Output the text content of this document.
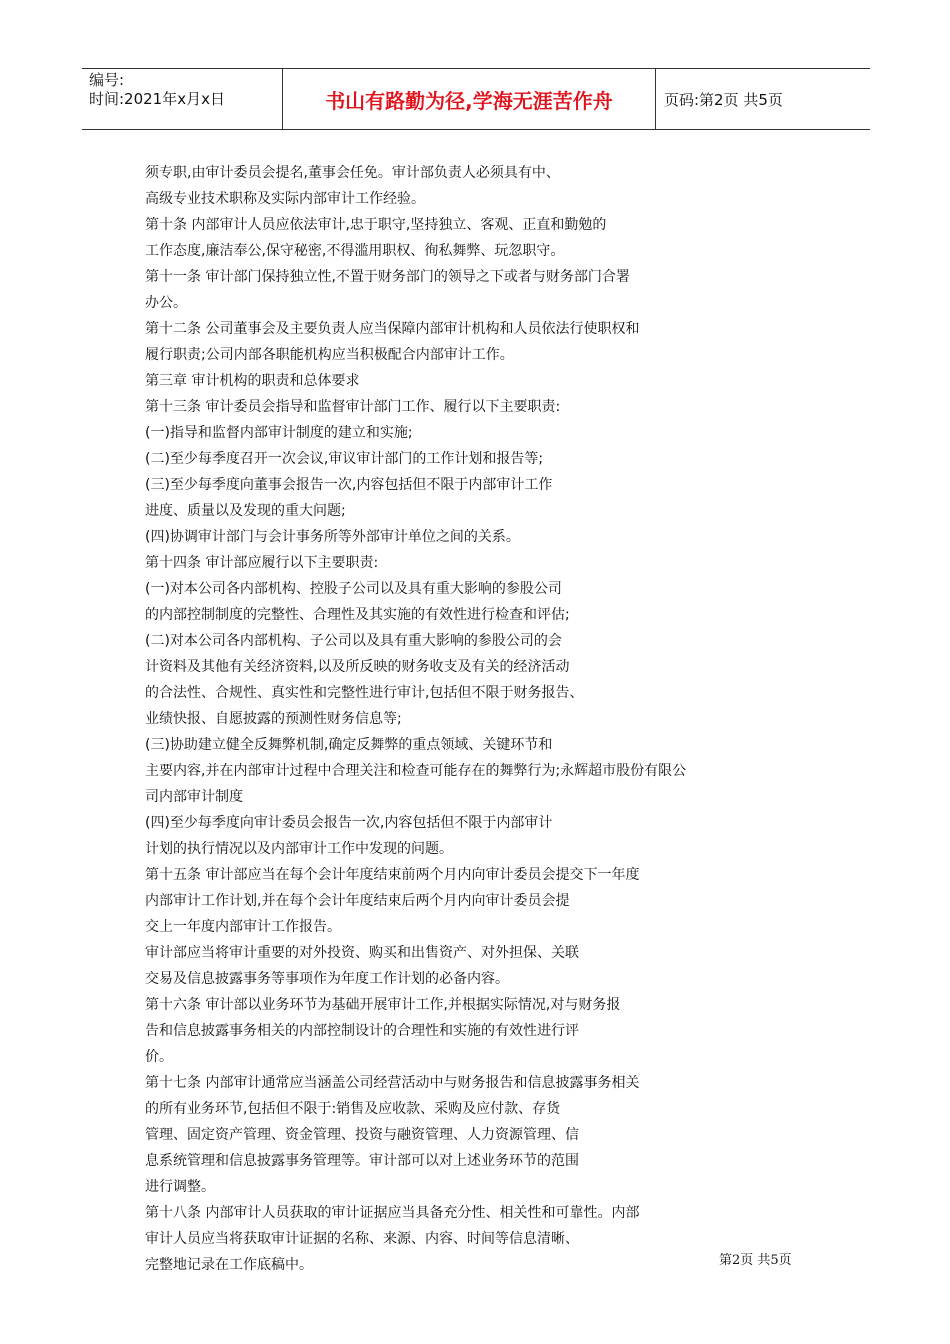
编号:
时间:2021年x月x日	书山有路勤为径,学海无涯苦作舟	页码:第2页 共5页
须专职,由审计委员会提名,董事会任免。审计部负责人必须具有中、
高级专业技术职称及实际内部审计工作经验。
第十条 内部审计人员应依法审计,忠于职守,坚持独立、客观、正直和勤勉的
工作态度,廉洁奉公,保守秘密,不得滥用职权、徇私舞弊、玩忽职守。
第十一条 审计部门保持独立性,不置于财务部门的领导之下或者与财务部门合署
办公。
第十二条 公司董事会及主要负责人应当保障内部审计机构和人员依法行使职权和
履行职责;公司内部各职能机构应当积极配合内部审计工作。
第三章 审计机构的职责和总体要求
第十三条 审计委员会指导和监督审计部门工作、履行以下主要职责:
(一)指导和监督内部审计制度的建立和实施;
(二)至少每季度召开一次会议,审议审计部门的工作计划和报告等;
(三)至少每季度向董事会报告一次,内容包括但不限于内部审计工作
进度、质量以及发现的重大问题;
(四)协调审计部门与会计事务所等外部审计单位之间的关系。
第十四条 审计部应履行以下主要职责:
(一)对本公司各内部机构、控股子公司以及具有重大影响的参股公司
的内部控制制度的完整性、合理性及其实施的有效性进行检查和评估;
(二)对本公司各内部机构、子公司以及具有重大影响的参股公司的会
计资料及其他有关经济资料,以及所反映的财务收支及有关的经济活动
的合法性、合规性、真实性和完整性进行审计,包括但不限于财务报告、
业绩快报、自愿披露的预测性财务信息等;
(三)协助建立健全反舞弊机制,确定反舞弊的重点领域、关键环节和
主要内容,并在内部审计过程中合理关注和检查可能存在的舞弊行为;永辉超市股份有限公
司内部审计制度
(四)至少每季度向审计委员会报告一次,内容包括但不限于内部审计
计划的执行情况以及内部审计工作中发现的问题。
第十五条 审计部应当在每个会计年度结束前两个月内向审计委员会提交下一年度
内部审计工作计划,并在每个会计年度结束后两个月内向审计委员会提
交上一年度内部审计工作报告。
审计部应当将审计重要的对外投资、购买和出售资产、对外担保、关联
交易及信息披露事务等事项作为年度工作计划的必备内容。
第十六条 审计部以业务环节为基础开展审计工作,并根据实际情况,对与财务报
告和信息披露事务相关的内部控制设计的合理性和实施的有效性进行评
价。
第十七条 内部审计通常应当涵盖公司经营活动中与财务报告和信息披露事务相关
的所有业务环节,包括但不限于:销售及应收款、采购及应付款、存货
管理、固定资产管理、资金管理、投资与融资管理、人力资源管理、信
息系统管理和信息披露事务管理等。审计部可以对上述业务环节的范围
进行调整。
第十八条 内部审计人员获取的审计证据应当具备充分性、相关性和可靠性。内部
审计人员应当将获取审计证据的名称、来源、内容、时间等信息清晰、
完整地记录在工作底稿中。	第2页 共5页
